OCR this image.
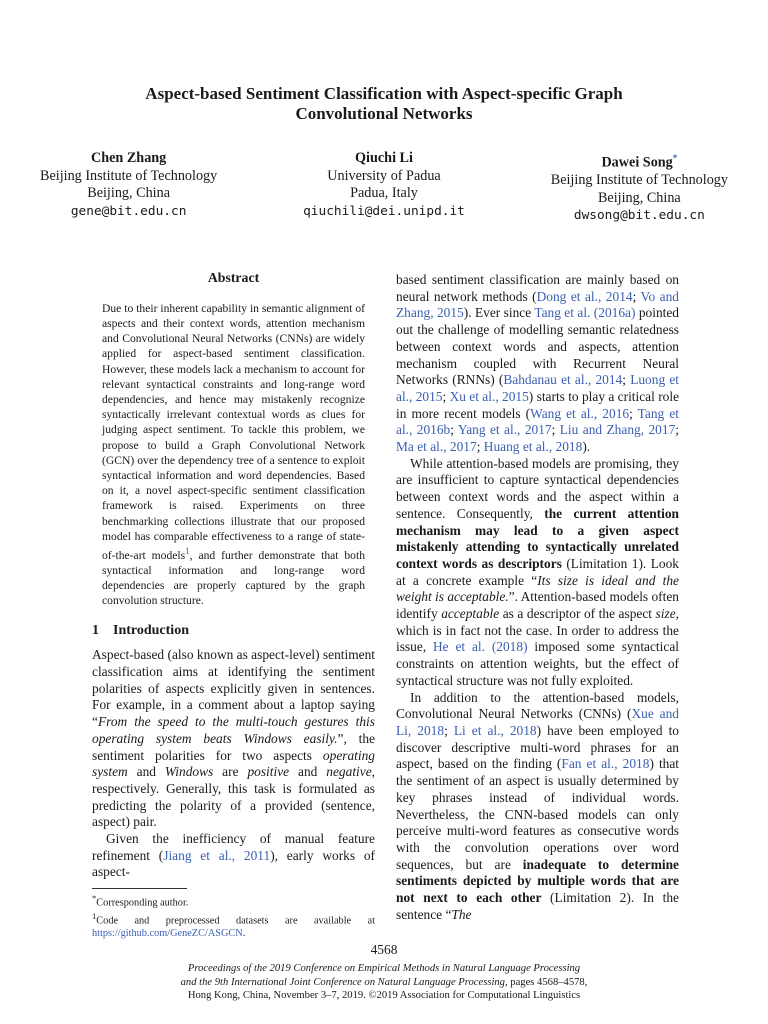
Aspect-based Sentiment Classification with Aspect-specific Graph
Convolutional Networks
Chen Zhang
Beijing Institute of Technology
Beijing, China
gene@bit.edu.cn
Qiuchi Li
University of Padua
Padua, Italy
qiuchili@dei.unipd.it
Dawei Song*
Beijing Institute of Technology
Beijing, China
dwsong@bit.edu.cn
Abstract

Due to their inherent capability in semantic alignment of aspects and their context words, attention mechanism and Convolutional Neural Networks (CNNs) are widely applied for aspect-based sentiment classification. However, these models lack a mechanism to account for relevant syntactical constraints and long-range word dependencies, and hence may mistakenly recognize syntactically irrelevant contextual words as clues for judging aspect sentiment. To tackle this problem, we propose to build a Graph Convolutional Network (GCN) over the dependency tree of a sentence to exploit syntactical information and word dependencies. Based on it, a novel aspect-specific sentiment classification framework is raised. Experiments on three benchmarking collections illustrate that our proposed model has comparable effectiveness to a range of state-of-the-art models$^1$, and further demonstrate that both syntactical information and long-range word dependencies are properly captured by the graph convolution structure.

1 Introduction

Aspect-based (also known as aspect-level) sentiment classification aims at identifying the sentiment polarities of aspects explicitly given in sentences. For example, in a comment about a laptop saying “From the speed to the multi-touch gestures this operating system beats Windows easily.”, the sentiment polarities for two aspects operating system and Windows are positive and negative, respectively. Generally, this task is formulated as predicting the polarity of a provided (sentence, aspect) pair.

Given the inefficiency of manual feature refinement (Jiang et al., 2011), early works of aspect-

*Corresponding author.
$^1$Code and preprocessed datasets are available at https://github.com/GeneZC/ASGCN.

based sentiment classification are mainly based on neural network methods (Dong et al., 2014; Vo and Zhang, 2015). Ever since Tang et al. (2016a) pointed out the challenge of modelling semantic relatedness between context words and aspects, attention mechanism coupled with Recurrent Neural Networks (RNNs) (Bahdanau et al., 2014; Luong et al., 2015; Xu et al., 2015) starts to play a critical role in more recent models (Wang et al., 2016; Tang et al., 2016b; Yang et al., 2017; Liu and Zhang, 2017; Ma et al., 2017; Huang et al., 2018).

While attention-based models are promising, they are insufficient to capture syntactical dependencies between context words and the aspect within a sentence. Consequently, the current attention mechanism may lead to a given aspect mistakenly attending to syntactically unrelated context words as descriptors (Limitation 1). Look at a concrete example “Its size is ideal and the weight is acceptable.”. Attention-based models often identify acceptable as a descriptor of the aspect size, which is in fact not the case. In order to address the issue, He et al. (2018) imposed some syntactical constraints on attention weights, but the effect of syntactical structure was not fully exploited.

In addition to the attention-based models, Convolutional Neural Networks (CNNs) (Xue and Li, 2018; Li et al., 2018) have been employed to discover descriptive multi-word phrases for an aspect, based on the finding (Fan et al., 2018) that the sentiment of an aspect is usually determined by key phrases instead of individual words. Nevertheless, the CNN-based models can only perceive multi-word features as consecutive words with the convolution operations over word sequences, but are inadequate to determine sentiments depicted by multiple words that are not next to each other (Limitation 2). In the sentence “The

4568
Proceedings of the 2019 Conference on Empirical Methods in Natural Language Processing
and the 9th International Joint Conference on Natural Language Processing, pages 4568–4578,
Hong Kong, China, November 3–7, 2019. ©2019 Association for Computational Linguistics
